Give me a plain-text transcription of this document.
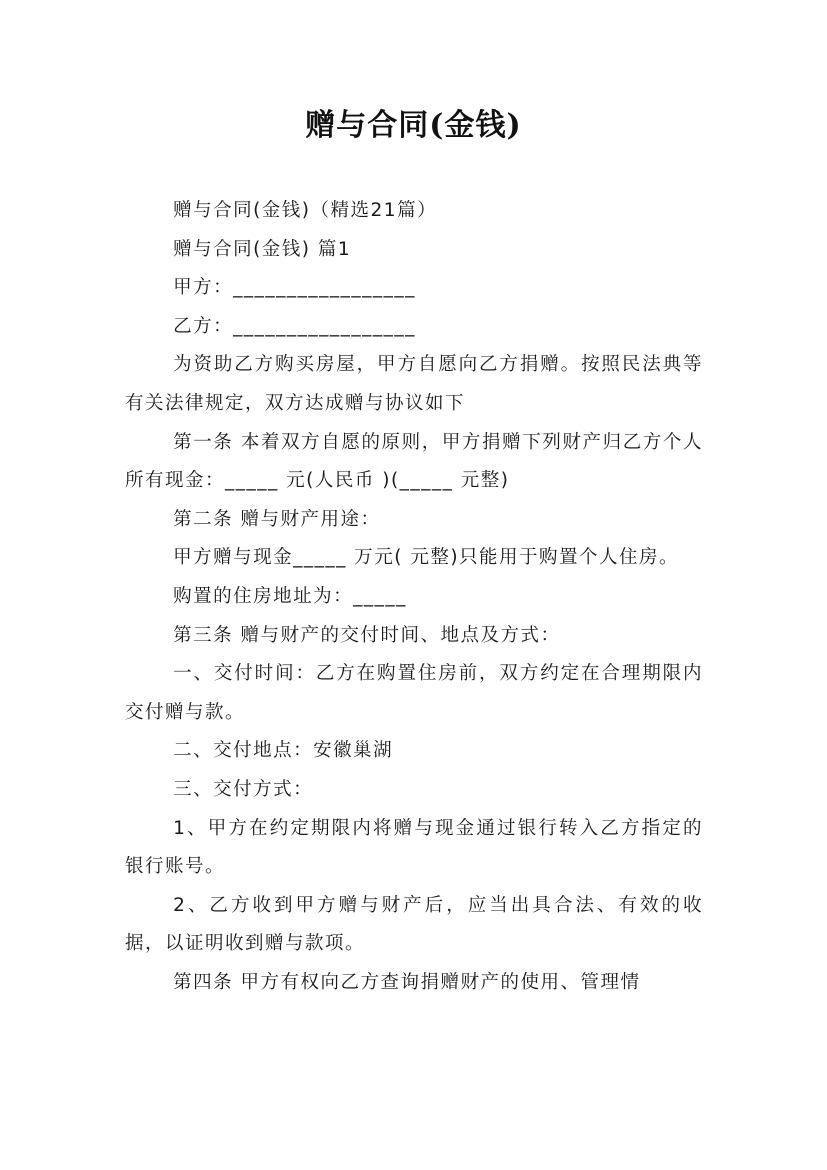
赠与合同(金钱)

赠与合同(金钱)（精选21篇）

赠与合同(金钱) 篇1

甲方：_________________

乙方：_________________

为资助乙方购买房屋，甲方自愿向乙方捐赠。按照民法典等有关法律规定，双方达成赠与协议如下

第一条 本着双方自愿的原则，甲方捐赠下列财产归乙方个人所有现金：_____ 元(人民币 )(_____ 元整)

第二条 赠与财产用途：

甲方赠与现金_____ 万元( 元整)只能用于购置个人住房。

购置的住房地址为：_____

第三条 赠与财产的交付时间、地点及方式：

一、交付时间：乙方在购置住房前，双方约定在合理期限内交付赠与款。

二、交付地点：安徽巢湖

三、交付方式：

1、甲方在约定期限内将赠与现金通过银行转入乙方指定的银行账号。

2、乙方收到甲方赠与财产后，应当出具合法、有效的收据，以证明收到赠与款项。

第四条 甲方有权向乙方查询捐赠财产的使用、管理情
